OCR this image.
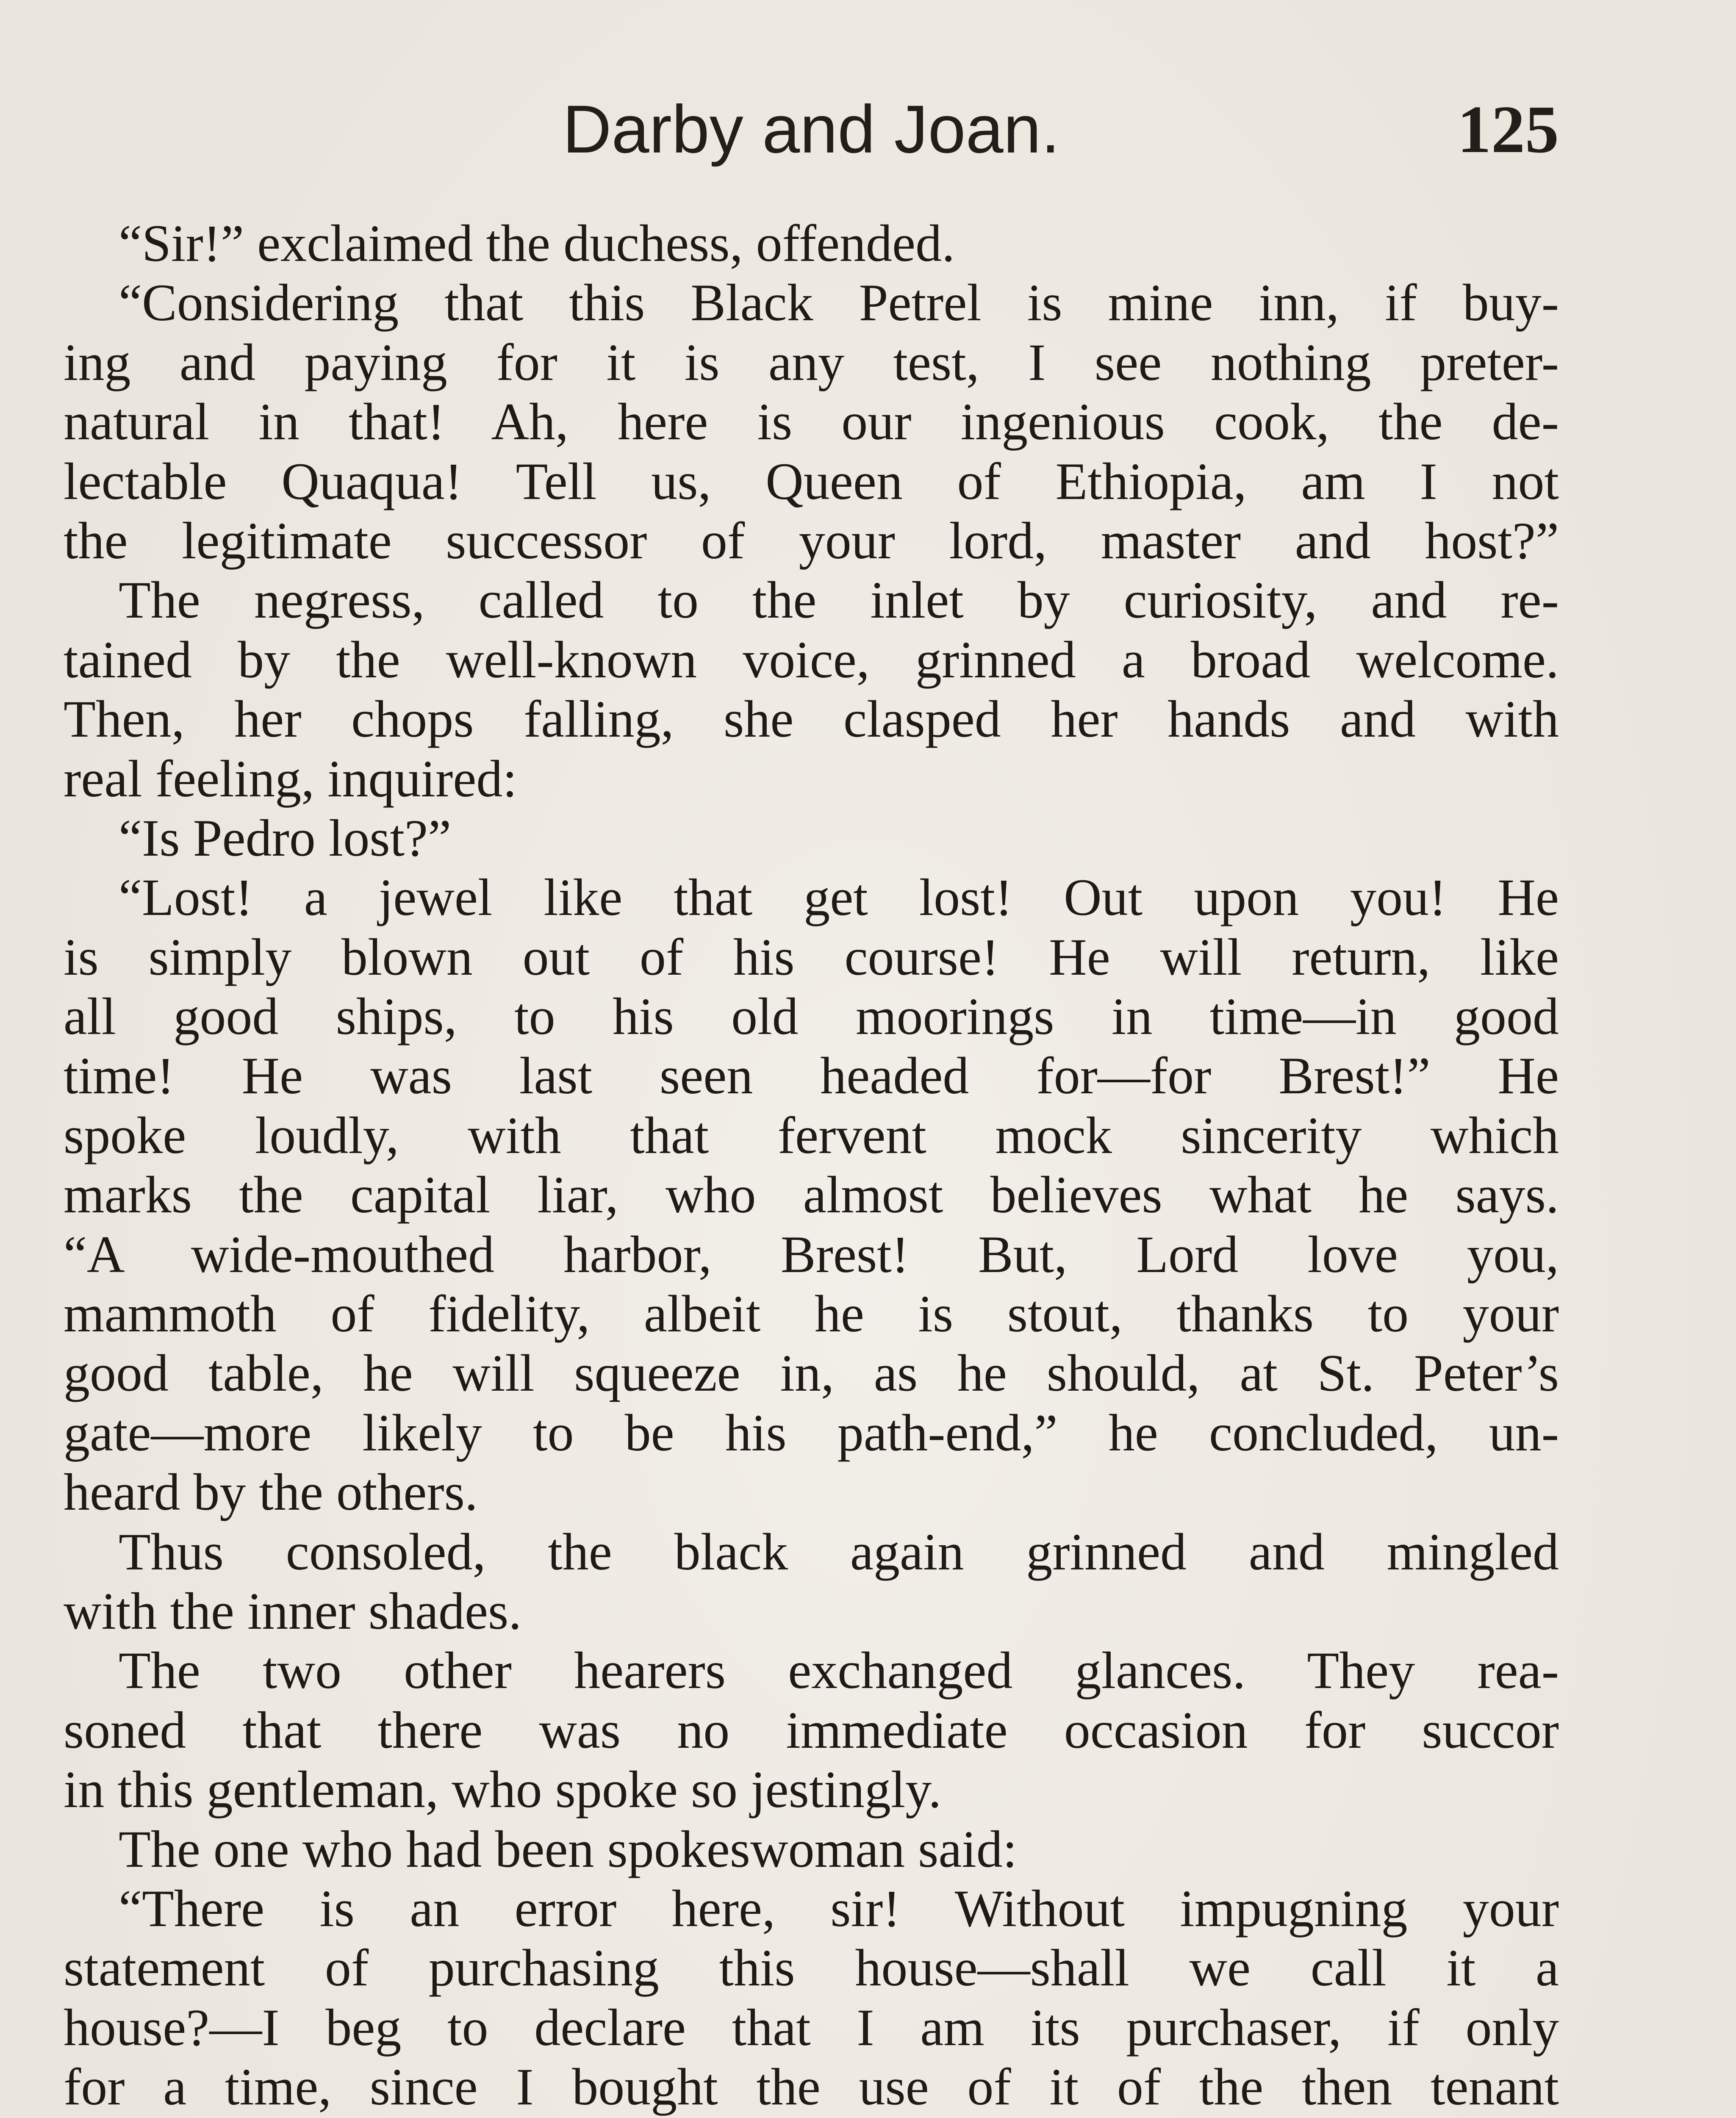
Darby and Joan.	125
“Sir!” exclaimed the duchess, offended.
“Considering that this Black Petrel is mine inn, if buy-
ing and paying for it is any test, I see nothing preter-
natural in that! Ah, here is our ingenious cook, the de-
lectable Quaqua! Tell us, Queen of Ethiopia, am I not
the legitimate successor of your lord, master and host?”
The negress, called to the inlet by curiosity, and re-
tained by the well-known voice, grinned a broad welcome.
Then, her chops falling, she clasped her hands and with
real feeling, inquired:
“Is Pedro lost?”
“Lost! a jewel like that get lost! Out upon you! He
is simply blown out of his course! He will return, like
all good ships, to his old moorings in time—in good
time! He was last seen headed for—for Brest!” He
spoke loudly, with that fervent mock sincerity which
marks the capital liar, who almost believes what he says.
“A wide-mouthed harbor, Brest! But, Lord love you,
mammoth of fidelity, albeit he is stout, thanks to your
good table, he will squeeze in, as he should, at St. Peter’s
gate—more likely to be his path-end,” he concluded, un-
heard by the others.
Thus consoled, the black again grinned and mingled
with the inner shades.
The two other hearers exchanged glances. They rea-
soned that there was no immediate occasion for succor
in this gentleman, who spoke so jestingly.
The one who had been spokeswoman said:
“There is an error here, sir! Without impugning your
statement of purchasing this house—shall we call it a
house?—I beg to declare that I am its purchaser, if only
for a time, since I bought the use of it of the then tenant
